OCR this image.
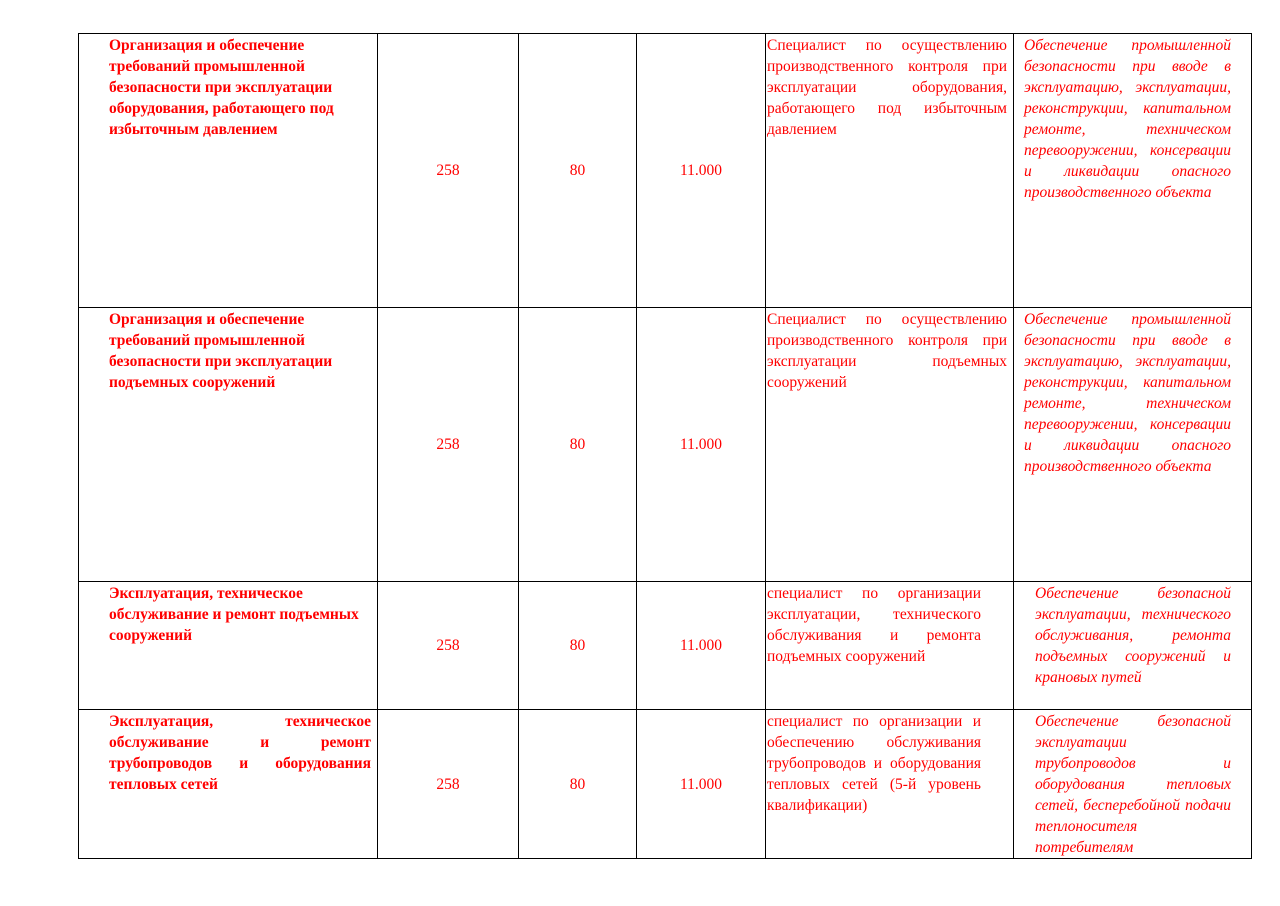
Организация и обеспечение требований промышленной безопасности при эксплуатации оборудования, работающего под избыточным давлением	258	80	11.000	Специалист по осуществлению производственного контроля при эксплуатации оборудования, работающего под избыточным давлением	Обеспечение промышленной безопасности при вводе в эксплуатацию, эксплуатации, реконструкции, капитальном ремонте, техническом перевооружении, консервации и ликвидации опасного производственного объекта

Организация и обеспечение требований промышленной безопасности при эксплуатации подъемных сооружений	258	80	11.000	Специалист по осуществлению производственного контроля при эксплуатации подъемных сооружений	Обеспечение промышленной безопасности при вводе в эксплуатацию, эксплуатации, реконструкции, капитальном ремонте, техническом перевооружении, консервации и ликвидации опасного производственного объекта

Эксплуатация, техническое обслуживание и ремонт подъемных сооружений	258	80	11.000	специалист по организации эксплуатации, технического обслуживания и ремонта подъемных сооружений	Обеспечение безопасной эксплуатации, технического обслуживания, ремонта подъемных сооружений и крановых путей

Эксплуатация, техническое обслуживание и ремонт трубопроводов и оборудования тепловых сетей	258	80	11.000	специалист по организации и обеспечению обслуживания трубопроводов и оборудования тепловых сетей (5-й уровень квалификации)	Обеспечение безопасной эксплуатации трубопроводов и оборудования тепловых сетей, бесперебойной подачи теплоносителя потребителям
